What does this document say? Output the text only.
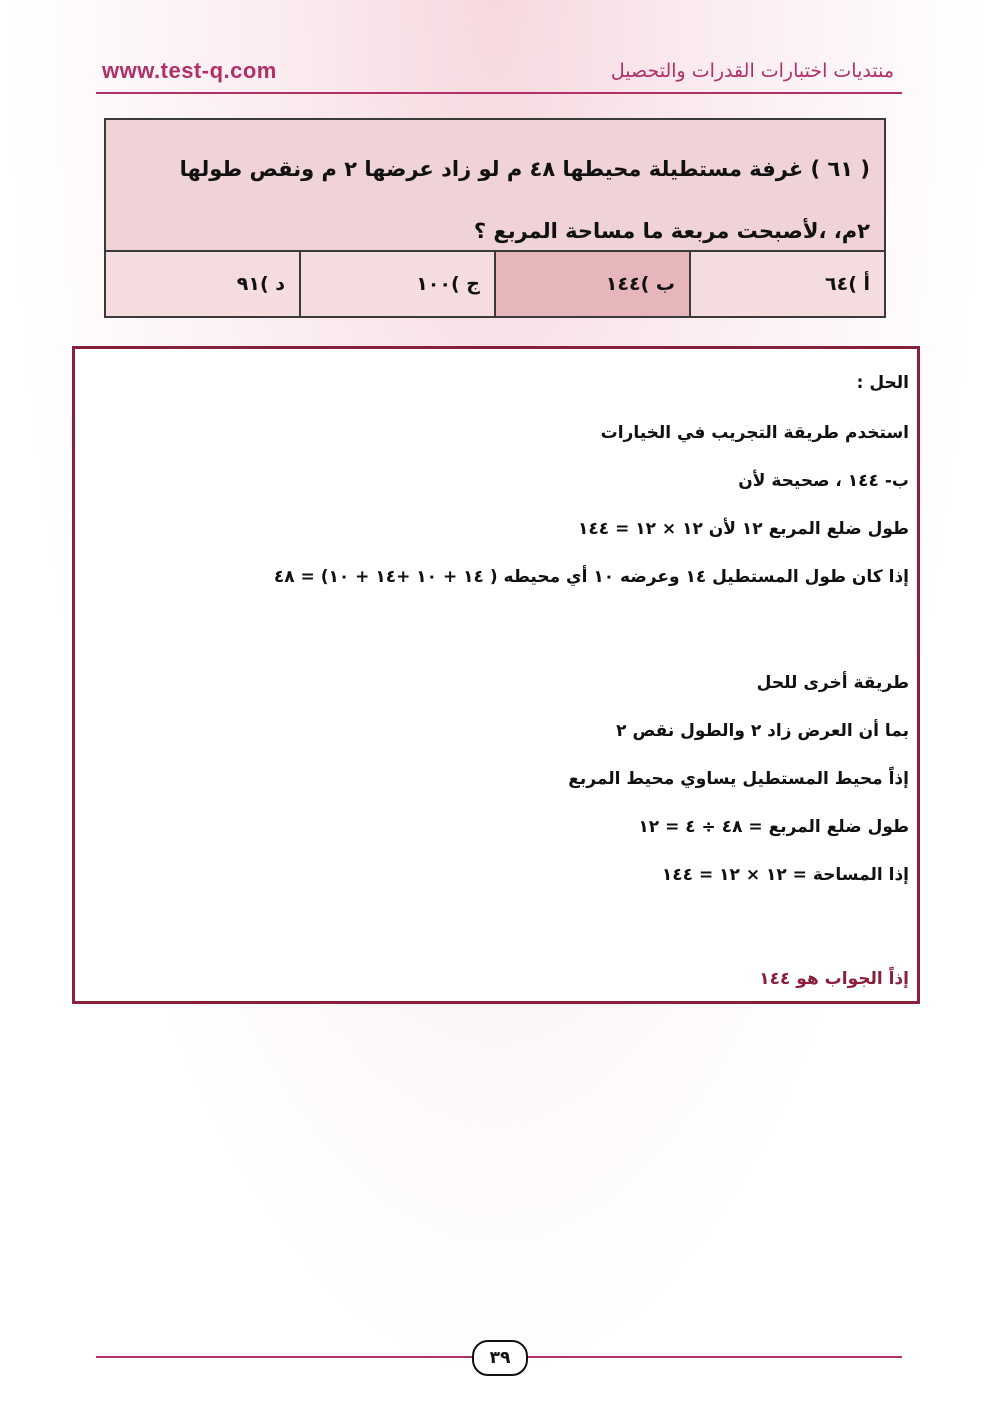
www.test-q.com	منتديات اختبارات القدرات والتحصيل
( ٦١ ) غرفة مستطيلة محيطها ٤٨ م لو زاد عرضها ٢ م ونقص طولها
٢م، ،لأصبحت مربعة ما مساحة المربع ؟
أ )٦٤
ب )١٤٤
ج )١٠٠
د )٩١
الحل :
استخدم طريقة التجريب في الخيارات
ب- ١٤٤ ، صحيحة لأن
طول ضلع المربع ١٢ لأن ١٢ × ١٢ = ١٤٤
إذا كان طول المستطيل ١٤ وعرضه ١٠ أي محيطه ( ١٤ + ١٠ +١٤ + ١٠) = ٤٨
طريقة أخرى للحل
بما أن العرض زاد ٢ والطول نقص ٢
إذاً محيط المستطيل يساوي محيط المربع
طول ضلع المربع = ٤٨ ÷ ٤ = ١٢
إذا المساحة = ١٢ × ١٢ = ١٤٤
إذاً الجواب هو ١٤٤
٣٩
